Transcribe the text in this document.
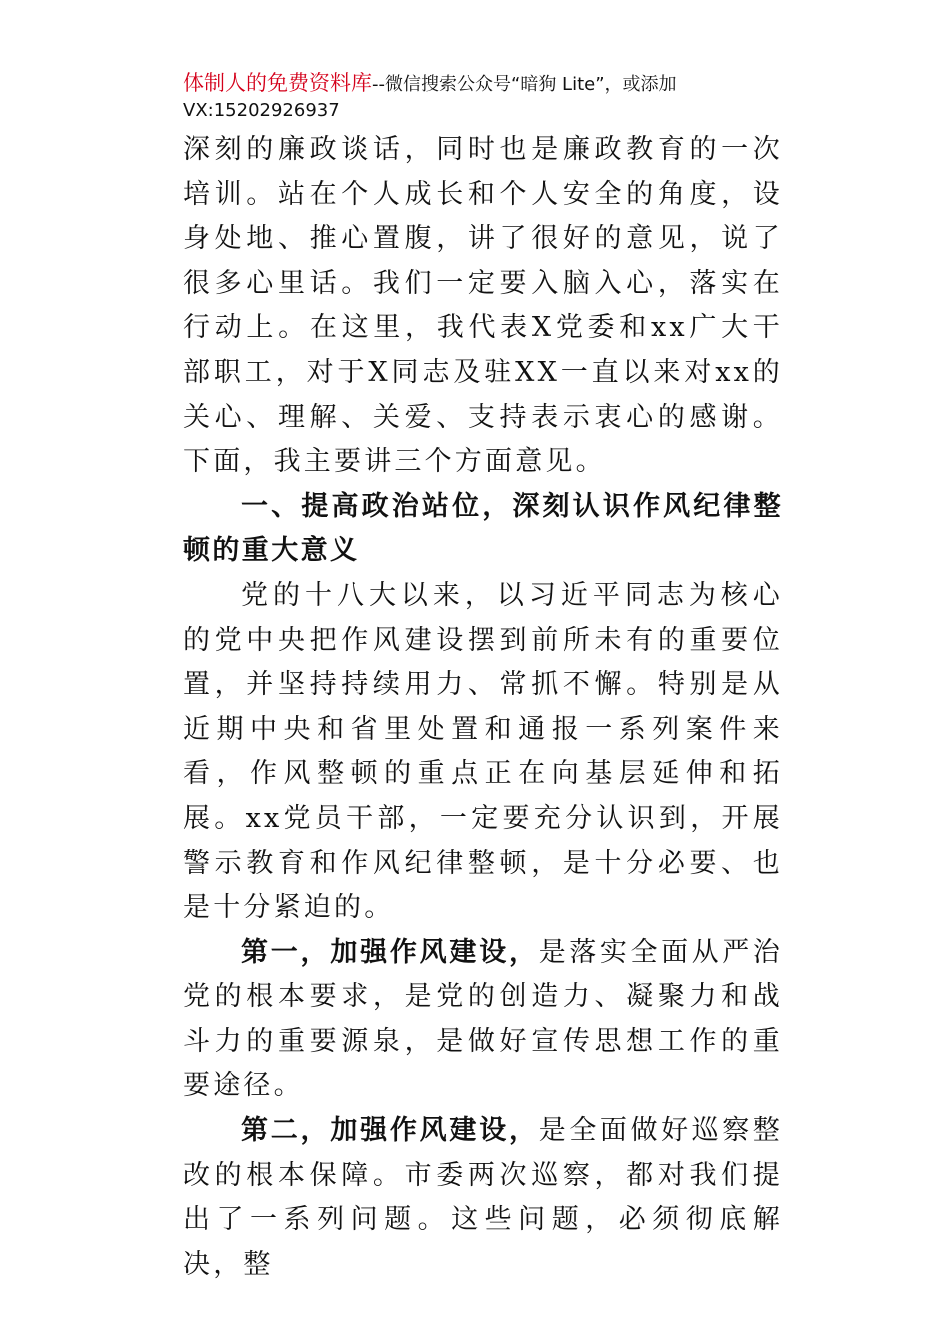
体制人的免费资料库--微信搜索公众号“暗狗 Lite”，或添加
VX:15202926937

深刻的廉政谈话，同时也是廉政教育的一次培训。站在个人成长和个人安全的角度，设身处地、推心置腹，讲了很好的意见，说了很多心里话。我们一定要入脑入心，落实在行动上。在这里，我代表X党委和xx广大干部职工，对于X同志及驻XX一直以来对xx的关心、理解、关爱、支持表示衷心的感谢。下面，我主要讲三个方面意见。

一、提高政治站位，深刻认识作风纪律整顿的重大意义

党的十八大以来，以习近平同志为核心的党中央把作风建设摆到前所未有的重要位置，并坚持持续用力、常抓不懈。特别是从近期中央和省里处置和通报一系列案件来看，作风整顿的重点正在向基层延伸和拓展。xx党员干部，一定要充分认识到，开展警示教育和作风纪律整顿，是十分必要、也是十分紧迫的。

第一，加强作风建设，是落实全面从严治党的根本要求，是党的创造力、凝聚力和战斗力的重要源泉，是做好宣传思想工作的重要途径。

第二，加强作风建设，是全面做好巡察整改的根本保障。市委两次巡察，都对我们提出了一系列问题。这些问题，必须彻底解决，整
